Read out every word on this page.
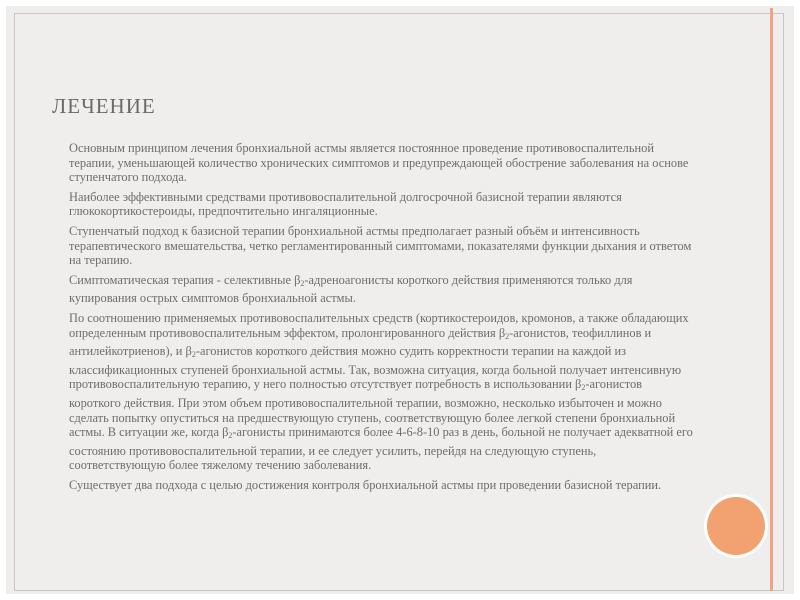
ЛЕЧЕНИЕ
Основным принципом лечения бронхиальной астмы является постоянное проведение противовоспалительной терапии, уменьшающей количество хронических симптомов и предупреждающей обострение заболевания на основе ступенчатого подхода.
Наиболее эффективными средствами противовоспалительной долгосрочной базисной терапии являются глюкокортикостероиды, предпочтительно ингаляционные.
Ступенчатый подход к базисной терапии бронхиальной астмы предполагает разный объём и интенсивность терапевтического вмешательства, четко регламентированный симптомами, показателями функции дыхания и ответом на терапию.
Симптоматическая терапия - селективные $\beta_2$-адреноагонисты короткого действия применяются только для купирования острых симптомов бронхиальной астмы.
По соотношению применяемых противовоспалительных средств (кортикостероидов, кромонов, а также обладающих определенным противовоспалительным эффектом, пролонгированного действия $\beta_2$-агонистов, теофиллинов и антилейкотриенов), и $\beta_2$-агонистов короткого действия можно судить корректности терапии на каждой из классификационных ступеней бронхиальной астмы. Так, возможна ситуация, когда больной получает интенсивную противовоспалительную терапию, у него полностью отсутствует потребность в использовании $\beta_2$-агонистов короткого действия. При этом объем противовоспалительной терапии, возможно, несколько избыточен и можно сделать попытку опуститься на предшествующую ступень, соответствующую более легкой степени бронхиальной астмы. В ситуации же, когда $\beta_2$-агонисты принимаются более 4-6-8-10 раз в день, больной не получает адекватной его состоянию противовоспалительной терапии, и ее следует усилить, перейдя на следующую ступень, соответствующую более тяжелому течению заболевания.
Существует два подхода с целью достижения контроля бронхиальной астмы при проведении базисной терапии.
